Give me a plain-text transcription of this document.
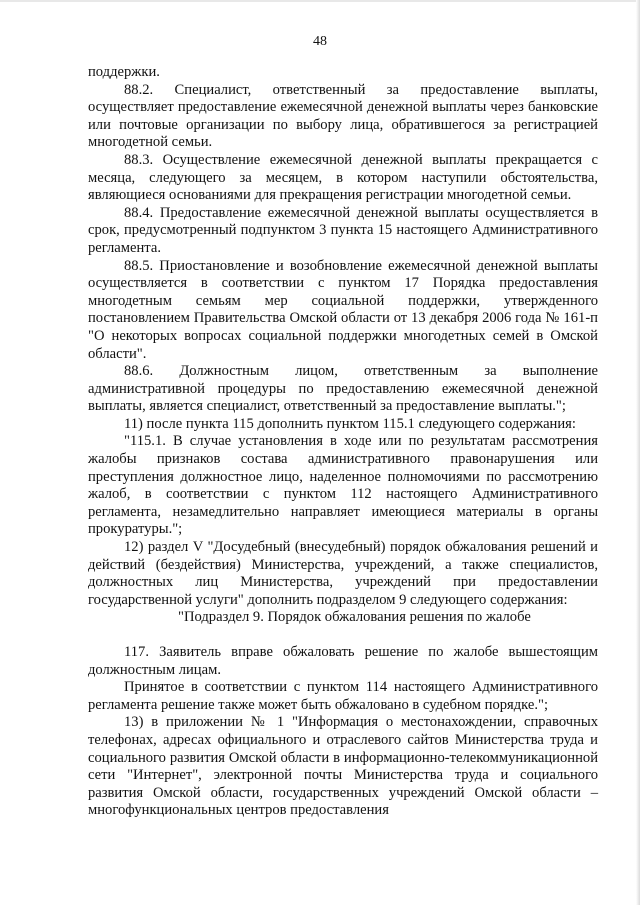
48

поддержки.

88.2. Специалист, ответственный за предоставление выплаты, осуществляет предоставление ежемесячной денежной выплаты через банковские или почтовые организации по выбору лица, обратившегося за регистрацией многодетной семьи.

88.3. Осуществление ежемесячной денежной выплаты прекращается с месяца, следующего за месяцем, в котором наступили обстоятельства, являющиеся основаниями для прекращения регистрации многодетной семьи.

88.4. Предоставление ежемесячной денежной выплаты осуществляется в срок, предусмотренный подпунктом 3 пункта 15 настоящего Административного регламента.

88.5. Приостановление и возобновление ежемесячной денежной выплаты осуществляется в соответствии с пунктом 17 Порядка предоставления многодетным семьям мер социальной поддержки, утвержденного постановлением Правительства Омской области от 13 декабря 2006 года № 161-п "О некоторых вопросах социальной поддержки многодетных семей в Омской области".

88.6. Должностным лицом, ответственным за выполнение административной процедуры по предоставлению ежемесячной денежной выплаты, является специалист, ответственный за предоставление выплаты.";

11) после пункта 115 дополнить пунктом 115.1 следующего содержания:

"115.1. В случае установления в ходе или по результатам рассмотрения жалобы признаков состава административного правонарушения или преступления должностное лицо, наделенное полномочиями по рассмотрению жалоб, в соответствии с пунктом 112 настоящего Административного регламента, незамедлительно направляет имеющиеся материалы в органы прокуратуры.";

12) раздел V "Досудебный (внесудебный) порядок обжалования решений и действий (бездействия) Министерства, учреждений, а также специалистов, должностных лиц Министерства, учреждений при предоставлении государственной услуги" дополнить подразделом 9 следующего содержания:

"Подраздел 9. Порядок обжалования решения по жалобе

117. Заявитель вправе обжаловать решение по жалобе вышестоящим должностным лицам.

Принятое в соответствии с пунктом 114 настоящего Административного регламента решение также может быть обжаловано в судебном порядке.";

13) в приложении № 1 "Информация о местонахождении, справочных телефонах, адресах официального и отраслевого сайтов Министерства труда и социального развития Омской области в информационно-телекоммуникационной сети "Интернет", электронной почты Министерства труда и социального развития Омской области, государственных учреждений Омской области – многофункциональных центров предоставления
